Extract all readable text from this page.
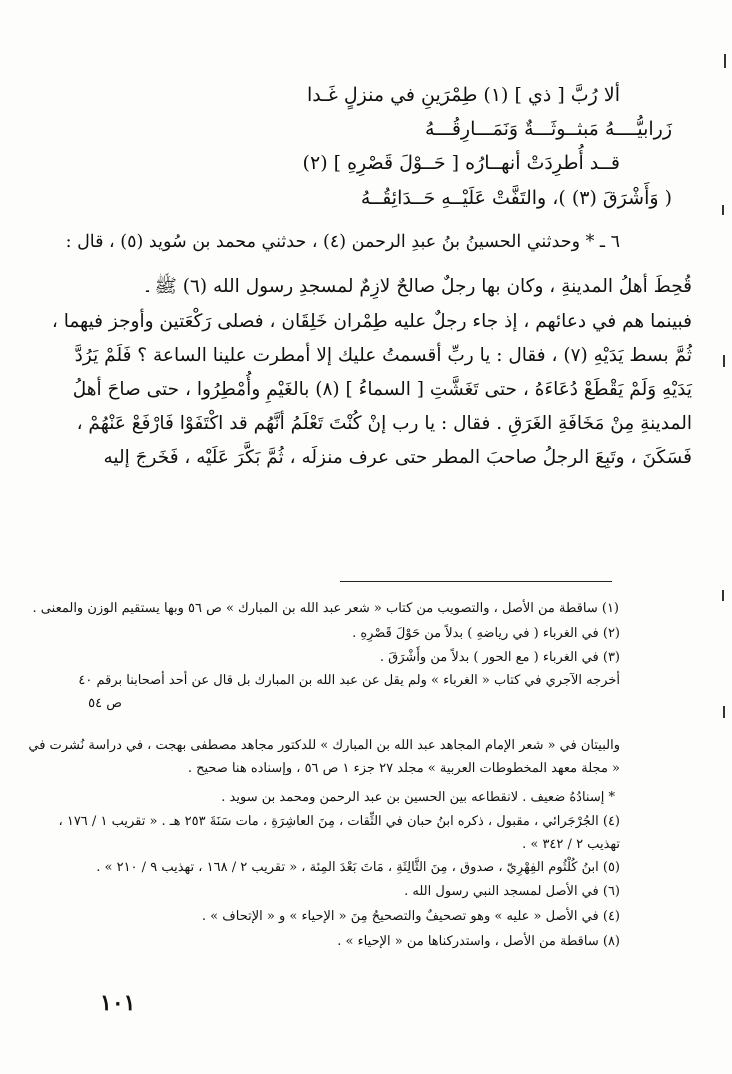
ألا رُبَّ [ ذي ] (١) طِمْرَينِ في منزلٍ غَـدا
زَرابيُّــــهُ مَبثــوثَـــةٌ وَنَمَـــارِقُـــهُ
قــد أُطرِدَتْ أنهــارُه [ حَــوْلَ قَصْرِهِ ] (٢)
( وَأَشْرَقَ (٣) )، والتَفَّتْ عَلَيْــهِ حَــدَائِقُــهُ
٦ ـ * وحدثني الحسينُ بنُ عبدِ الرحمن (٤) ، حدثني محمد بن سُويد (٥) ، قال :
قُحِطَ أهلُ المدينةِ ، وكان بها رجلٌ صالحٌ لازِمٌ لمسجدِ رسول الله (٦) ﷺ ـ
فبينما هم في دعائهم ، إذ جاء رجلٌ عليه طِمْران خَلِقَان ، فصلى رَكْعَتين وأوجز فيهما ،
ثُمَّ بسط يَدَيْهِ (٧) ، فقال : يا ربِّ أقسمتُ عليك إلا أمطرت علينا الساعة ؟ فَلَمْ يَرُدَّ
يَدَيْهِ وَلَمْ يَقْطَعْ دُعَاءَهُ ، حتى تَغَشَّتِ [ السماءُ ] (٨) بالغَيْمِ وأُمْطِرُوا ، حتى صاحَ أهلُ
المدينةِ مِنْ مَخَافَةِ الغَرَقِ . فقال : يا رب إنْ كُنْتَ تَعْلَمُ أنَّهُم قد اكْتَفَوْا فَارْفَعْ عَنْهُمْ ،
فَسَكَنَ ، وتَبِعَ الرجلُ صاحبَ المطر حتى عرف منزلَه ، ثُمَّ بَكَّرَ عَلَيْه ، فَخَرجَ إليه
(١) ساقطة من الأصل ، والتصويب من كتاب « شعر عبد الله بن المبارك » ص ٥٦ وبها يستقيم الوزن والمعنى .
(٢) في الغرباء ( في رياضهِ ) بدلاً من حَوْلَ قَصْرِهِ .
(٣) في الغرباء ( مع الحور ) بدلاً من وأَشْرَقَ .
أخرجه الآجري في كتاب « الغرباء » ولم يقل عن عبد الله بن المبارك بل قال عن أحد أصحابنا برقم ٤٠
ص ٥٤
والبيتان في « شعر الإمام المجاهد عبد الله بن المبارك » للدكتور مجاهد مصطفى بهجت ، في دراسة نُشرت في
« مجلة معهد المخطوطات العربية » مجلد ٢٧ جزء ١ ص ٥٦ ، وإسناده هنا صحيح .
* إسنادُهُ ضعيف . لانقطاعه بين الحسين بن عبد الرحمن ومحمد بن سويد .
(٤) الجُرْجَرائي ، مقبول ، ذكره ابنُ حبان في الثِّقات ، مِنَ العاشِرَةِ ، مات سَنَةَ ٢٥٣ هـ . « تقريب ١ / ١٧٦ ،
تهذيب ٢ / ٣٤٢ » .
(٥) ابنُ كُلْثُوم الفِهْرِيّ ، صدوق ، مِنَ الثَّالِثَةِ ، مَاتَ بَعْدَ المِئة ، « تقريب ٢ / ١٦٨ ، تهذيب ٩ / ٢١٠ » .
(٦) في الأصل لمسجد النبي رسول الله .
(٤) في الأصل « عليه » وهو تصحيفٌ والتصحيحُ مِنَ « الإحياء » و « الإتحاف » .
(٨) ساقطة من الأصل ، واستدركناها من « الإحياء » .
١٠١
